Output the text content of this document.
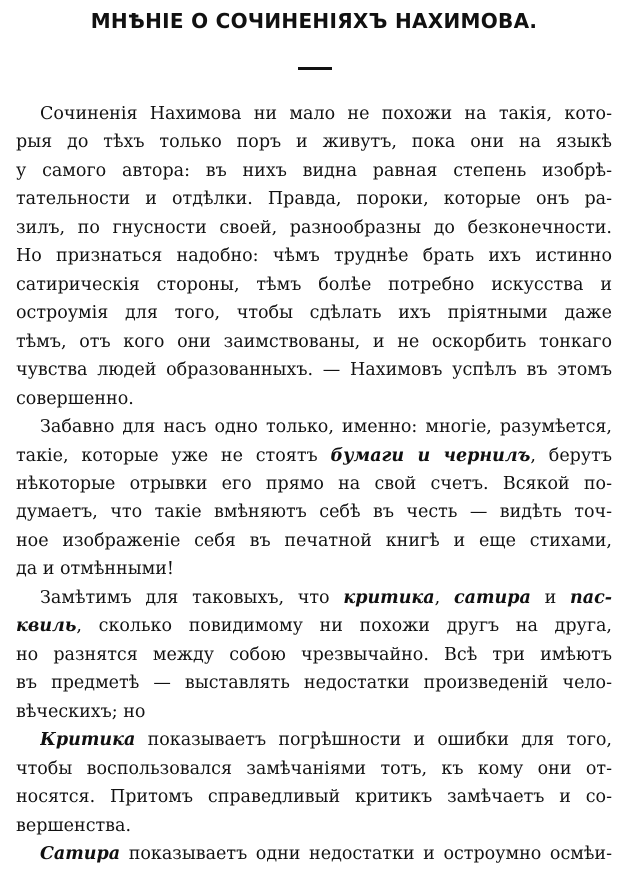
МНѢНІЕ О СОЧИНЕНІЯХЪ НАХИМОВА.
Сочиненія Нахимова ни мало не похожи на такія, кото-
рыя до тѣхъ только поръ и живутъ, пока они на языкѣ
у самого автора: въ нихъ видна равная степень изобрѣ-
тательности и отдѣлки. Правда, пороки, которые онъ ра-
зилъ, по гнусности своей, разнообразны до безконечности.
Но признаться надобно: чѣмъ труднѣе брать ихъ истинно
сатирическія стороны, тѣмъ болѣе потребно искусства и
остроумія для того, чтобы сдѣлать ихъ пріятными даже
тѣмъ, отъ кого они заимствованы, и не оскорбить тонкаго
чувства людей образованныхъ. — Нахимовъ успѣлъ въ этомъ
совершенно.
Забавно для насъ одно только, именно: многіе, разумѣется,
такіе, которые уже не стоятъ бумаги и чернилъ, берутъ
нѣкоторые отрывки его прямо на свой счетъ. Всякой по-
думаетъ, что такіе вмѣняютъ себѣ въ честь — видѣть точ-
ное изображеніе себя въ печатной книгѣ и еще стихами,
да и отмѣнными!
Замѣтимъ для таковыхъ, что критика, сатира и пас-
квиль, сколько повидимому ни похожи другъ на друга,
но разнятся между собою чрезвычайно. Всѣ три имѣютъ
въ предметѣ — выставлять недостатки произведеній чело-
вѣческихъ; но
Критика показываетъ погрѣшности и ошибки для того,
чтобы воспользовался замѣчаніями тотъ, къ кому они от-
носятся. Притомъ справедливый критикъ замѣчаетъ и со-
вершенства.
Сатира показываетъ одни недостатки и остроумно осмѣи-
